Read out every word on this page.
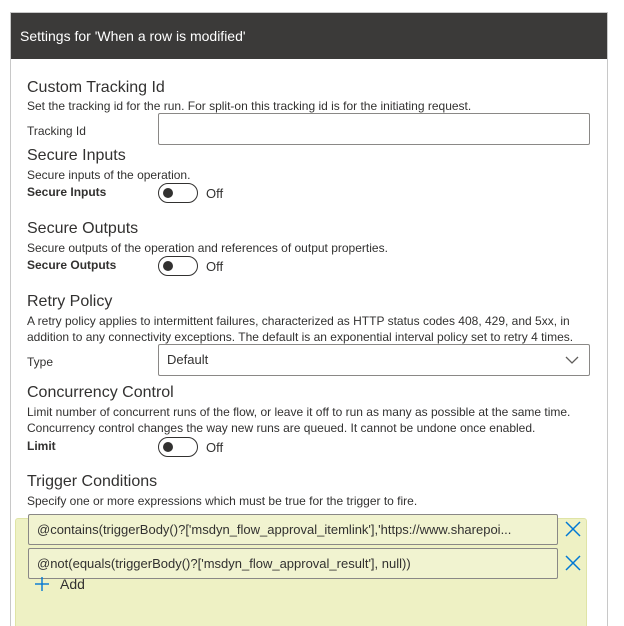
Settings for 'When a row is modified'
Custom Tracking Id
Set the tracking id for the run. For split-on this tracking id is for the initiating request.
Tracking Id
Secure Inputs
Secure inputs of the operation.
Secure Inputs	Off
Secure Outputs
Secure outputs of the operation and references of output properties.
Secure Outputs	Off
Retry Policy
A retry policy applies to intermittent failures, characterized as HTTP status codes 408, 429, and 5xx, in
addition to any connectivity exceptions. The default is an exponential interval policy set to retry 4 times.
Type	Default
Concurrency Control
Limit number of concurrent runs of the flow, or leave it off to run as many as possible at the same time.
Concurrency control changes the way new runs are queued. It cannot be undone once enabled.
Limit	Off
Trigger Conditions
Specify one or more expressions which must be true for the trigger to fire.
@contains(triggerBody()?['msdyn_flow_approval_itemlink'],'https://www.sharepoi...
@not(equals(triggerBody()?['msdyn_flow_approval_result'], null))
Add
